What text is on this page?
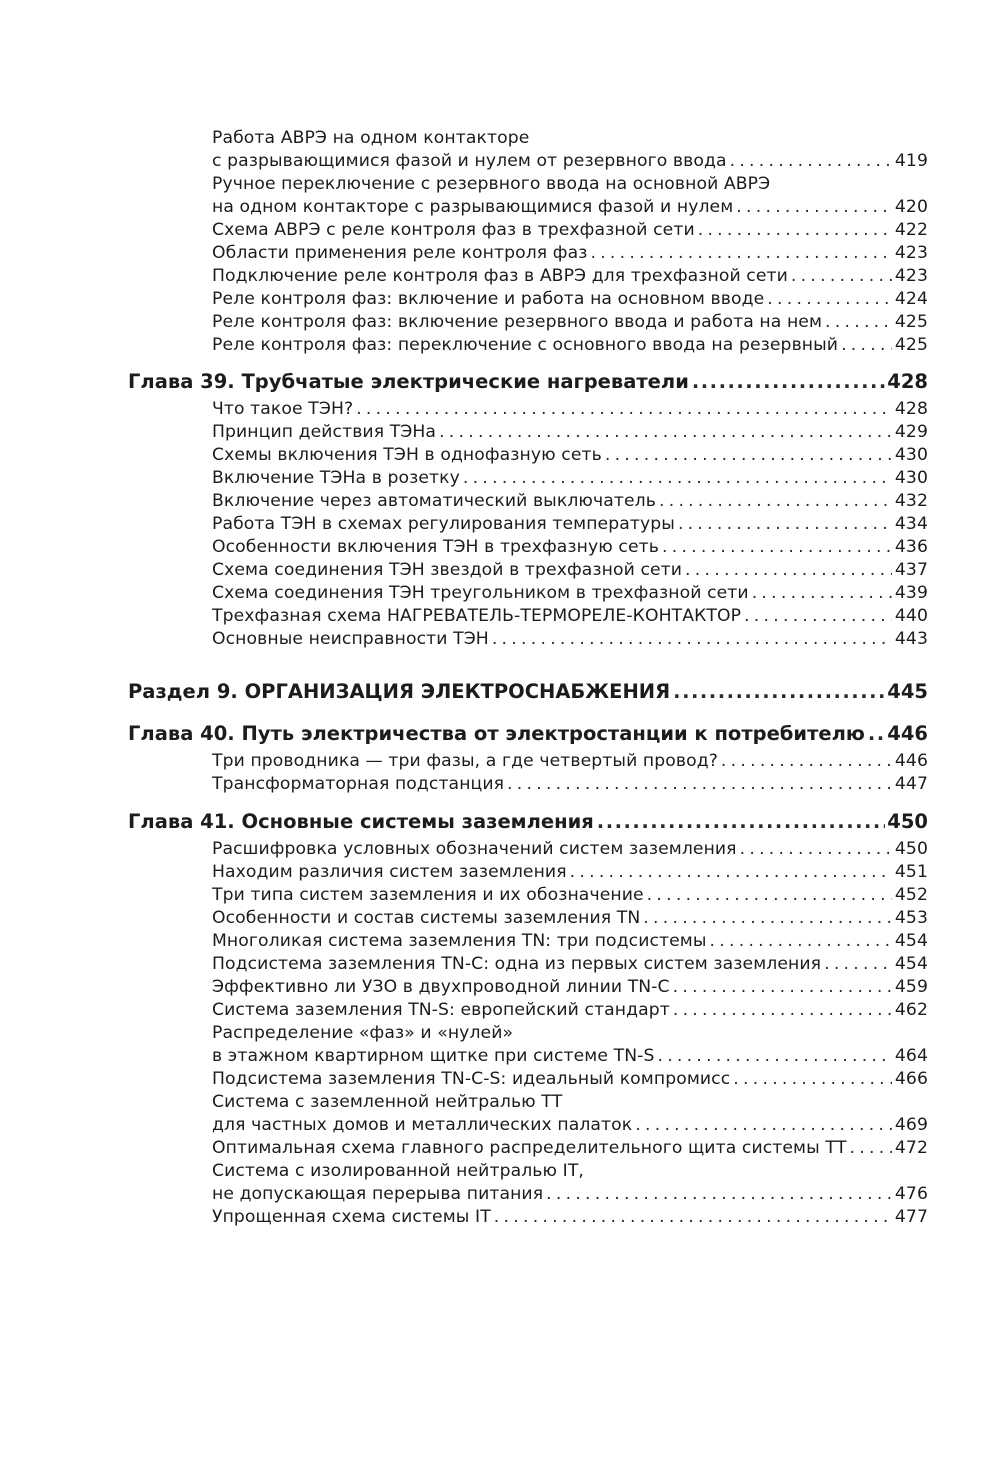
Работа АВРЭ на одном контакторе
с разрывающимися фазой и нулем от резервного ввода . . .	419
Ручное переключение с резервного ввода на основной АВРЭ
на одном контакторе с разрывающимися фазой и нулем . . .	420
Схема АВРЭ с реле контроля фаз в трехфазной сети . . .	422
Области применения реле контроля фаз . . .	423
Подключение реле контроля фаз в АВРЭ для трехфазной сети . . .	423
Реле контроля фаз: включение и работа на основном вводе . . .	424
Реле контроля фаз: включение резервного ввода и работа на нем . . .	425
Реле контроля фаз: переключение с основного ввода на резервный . . .	425
Глава 39. Трубчатые электрические нагреватели .....	428
Что такое ТЭН? . . .	428
Принцип действия ТЭНа . . .	429
Схемы включения ТЭН в однофазную сеть . . .	430
Включение ТЭНа в розетку . . .	430
Включение через автоматический выключатель . . .	432
Работа ТЭН в схемах регулирования температуры . . .	434
Особенности включения ТЭН в трехфазную сеть . . .	436
Схема соединения ТЭН звездой в трехфазной сети . . .	437
Схема соединения ТЭН треугольником в трехфазной сети . . .	439
Трехфазная схема НАГРЕВАТЕЛЬ-ТЕРМОРЕЛЕ-КОНТАКТОР . . .	440
Основные неисправности ТЭН . . .	443
Раздел 9. ОРГАНИЗАЦИЯ ЭЛЕКТРОСНАБЖЕНИЯ .....	445
Глава 40. Путь электричества от электростанции к потребителю ..... 446
Три проводника — три фазы, а где четвертый провод? . . .	446
Трансформаторная подстанция . . .	447
Глава 41. Основные системы заземления .....	450
Расшифровка условных обозначений систем заземления . . .	450
Находим различия систем заземления . . .	451
Три типа систем заземления и их обозначение . . .	452
Особенности и состав системы заземления TN . . .	453
Многоликая система заземления TN: три подсистемы . . .	454
Подсистема заземления TN-C: одна из первых систем заземления . . .	454
Эффективно ли УЗО в двухпроводной линии TN-C . . .	459
Система заземления TN-S: европейский стандарт . . .	462
Распределение «фаз» и «нулей»
в этажном квартирном щитке при системе TN-S . . .	464
Подсистема заземления TN-C-S: идеальный компромисс . . .	466
Система с заземленной нейтралью ТТ
для частных домов и металлических палаток . . .	469
Оптимальная схема главного распределительного щита системы ТТ . . .	472
Система с изолированной нейтралью IT,
не допускающая перерыва питания . . .	476
Упрощенная схема системы IT . . .	477
